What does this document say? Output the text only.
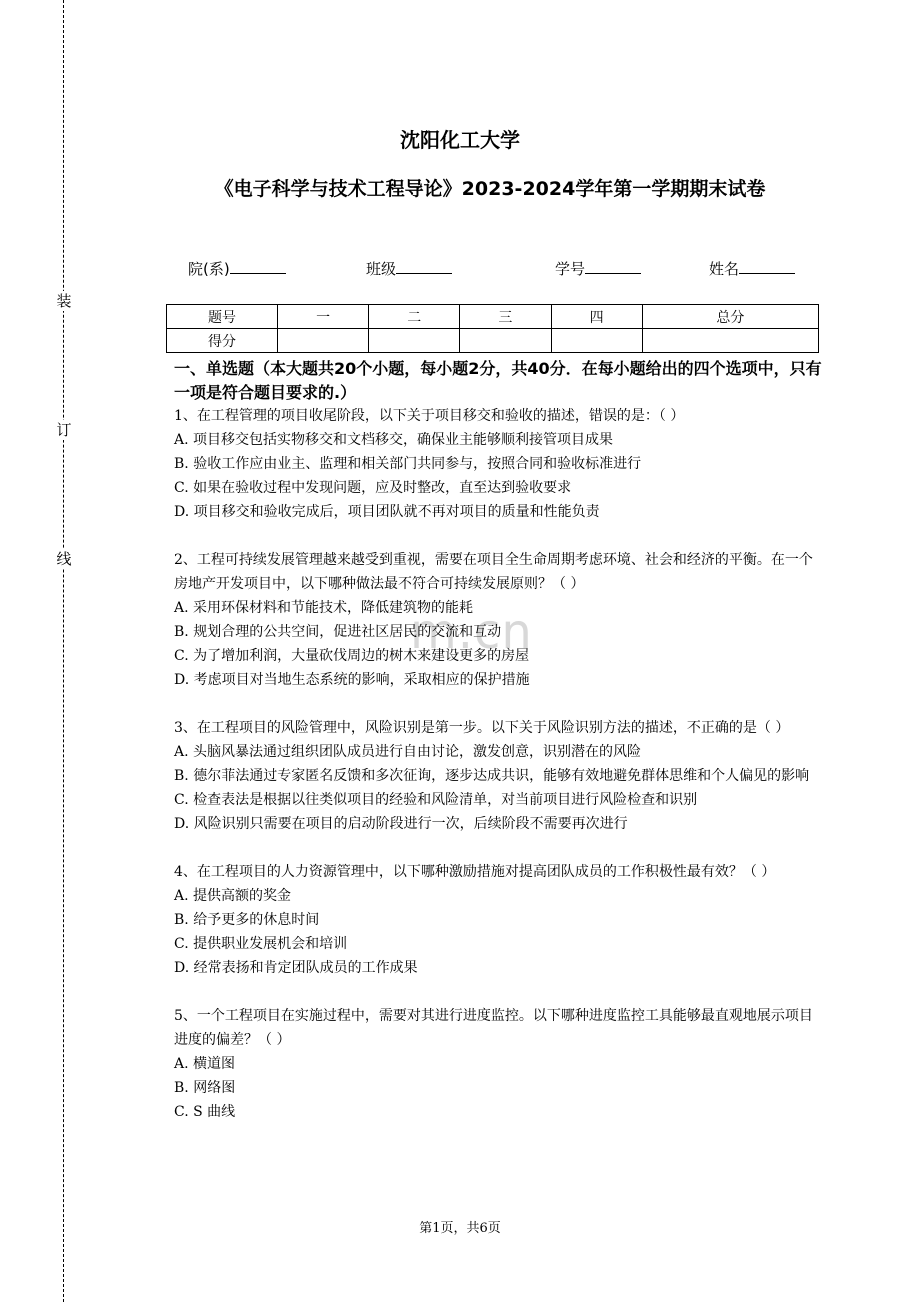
装
订
线
沈阳化工大学
《电子科学与技术工程导论》2023-2024学年第一学期期末试卷
院(系)	班级	学号	姓名
题号	一	二	三	四	总分
得分					
一、单选题（本大题共20个小题，每小题2分，共40分．在每小题给出的四个选项中，只有一项是符合题目要求的.）
m.cn

1、在工程管理的项目收尾阶段，以下关于项目移交和验收的描述，错误的是：（ ）

A. 项目移交包括实物移交和文档移交，确保业主能够顺利接管项目成果

B. 验收工作应由业主、监理和相关部门共同参与，按照合同和验收标准进行

C. 如果在验收过程中发现问题，应及时整改，直至达到验收要求

D. 项目移交和验收完成后，项目团队就不再对项目的质量和性能负责

2、工程可持续发展管理越来越受到重视，需要在项目全生命周期考虑环境、社会和经济的平衡。在一个房地产开发项目中，以下哪种做法最不符合可持续发展原则？（ ）

A. 采用环保材料和节能技术，降低建筑物的能耗

B. 规划合理的公共空间，促进社区居民的交流和互动

C. 为了增加利润，大量砍伐周边的树木来建设更多的房屋

D. 考虑项目对当地生态系统的影响，采取相应的保护措施

3、在工程项目的风险管理中，风险识别是第一步。以下关于风险识别方法的描述，不正确的是（ ）

A. 头脑风暴法通过组织团队成员进行自由讨论，激发创意，识别潜在的风险

B. 德尔菲法通过专家匿名反馈和多次征询，逐步达成共识，能够有效地避免群体思维和个人偏见的影响

C. 检查表法是根据以往类似项目的经验和风险清单，对当前项目进行风险检查和识别

D. 风险识别只需要在项目的启动阶段进行一次，后续阶段不需要再次进行

4、在工程项目的人力资源管理中，以下哪种激励措施对提高团队成员的工作积极性最有效？（ ）

A. 提供高额的奖金

B. 给予更多的休息时间

C. 提供职业发展机会和培训

D. 经常表扬和肯定团队成员的工作成果

5、一个工程项目在实施过程中，需要对其进行进度监控。以下哪种进度监控工具能够最直观地展示项目进度的偏差？（ ）

A. 横道图

B. 网络图

C. S 曲线

第1页，共6页
